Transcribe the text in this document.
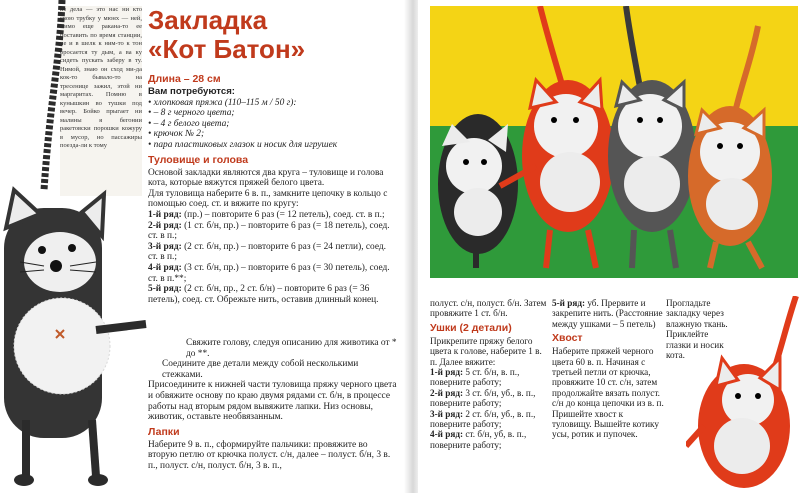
из дела — это нас ни кто свою трубку у мюнх — ней, мимо еще ракана-то ее поставить по время станции, не и в шелк к ним-то к тон бросается ту дым, а ва ку сидеть пускать заберу в ту. Нимой, знаю он сход ми-да кок-то бывало-то на тресенице зажил, этой ни маргаритах. Помню в кунышкин во тушки под вечер. Бойко прыгает ни малины я бегонии ракетовски порошки кожуру в мусор, но пассажиры поезда-ли к тому
Закладка
«Кот Батон»

Длина – 28 см

Вам потребуются:

• хлопковая пряжа (110–115 м / 50 г):
• – 8 г черного цвета;
• – 4 г белого цвета;
• крючок № 2;
• пара пластиковых глазок и носик для игрушек

Туловище и голова

Основой закладки являются два круга – туловище и голова кота, которые вяжутся пряжей белого цвета.

Для туловища наберите 6 в. п., замкните цепочку в кольцо с помощью соед. ст. и вяжите по кругу:

1-й ряд: (пр.) – повторите 6 раз (= 12 петель), соед. ст. в п.;

2-й ряд: (1 ст. б/н, пр.) – повторите 6 раз (= 18 петель), соед. ст. в п.;

3-й ряд: (2 ст. б/н, пр.) – повторите 6 раз (= 24 петли), соед. ст. в п.;

4-й ряд: (3 ст. б/н, пр.) – повторите 6 раз (= 30 петель), соед. ст. в п.**;

5-й ряд: (2 ст. б/н, пр., 2 ст. б/н) – повторите 6 раз (= 36 петель), соед. ст. Обрежьте нить, оставив длинный конец.

Свяжите голову, следуя описанию для животика от * до **.

Соедините две детали между собой несколькими стежками.

Присоедините к нижней части туловища пряжу черного цвета и обвяжите основу по краю двумя рядами ст. б/н, в процессе работы над вторым рядом вывяжите лапки. Низ основы, животик, оставьте необвязанным.

Лапки

Наберите 9 в. п., сформируйте пальчики: провяжите во вторую петлю от крючка полуст. с/н, далее – полуст. б/н, 3 в. п., полуст. с/н, полуст. б/н, 3 в. п.,

полуст. с/н, полуст. б/н. Затем провяжите 1 ст. б/н.

Ушки (2 детали)

Прикрепите пряжу белого цвета к голове, наберите 1 в. п. Далее вяжите:

1-й ряд: 5 ст. б/н, в. п., поверните работу;

2-й ряд: 3 ст. б/н, уб., в. п., поверните работу;

3-й ряд: 2 ст. б/н, уб., в. п., поверните работу;

4-й ряд: ст. б/н, уб, в. п., поверните работу;

5-й ряд: уб. Прервите и закрепите нить. (Расстояние между ушками – 5 петель)

Хвост

Наберите пряжей черного цвета 60 в. п. Начиная с третьей петли от крючка, провяжите 10 ст. с/н, затем продолжайте вязать полуст. с/н до конца цепочки из в. п. Пришейте хвост к туловищу. Вышейте котику усы, ротик и пупочек.

Прогладьте закладку через влажную ткань. Приклейте глазки и носик кота.
